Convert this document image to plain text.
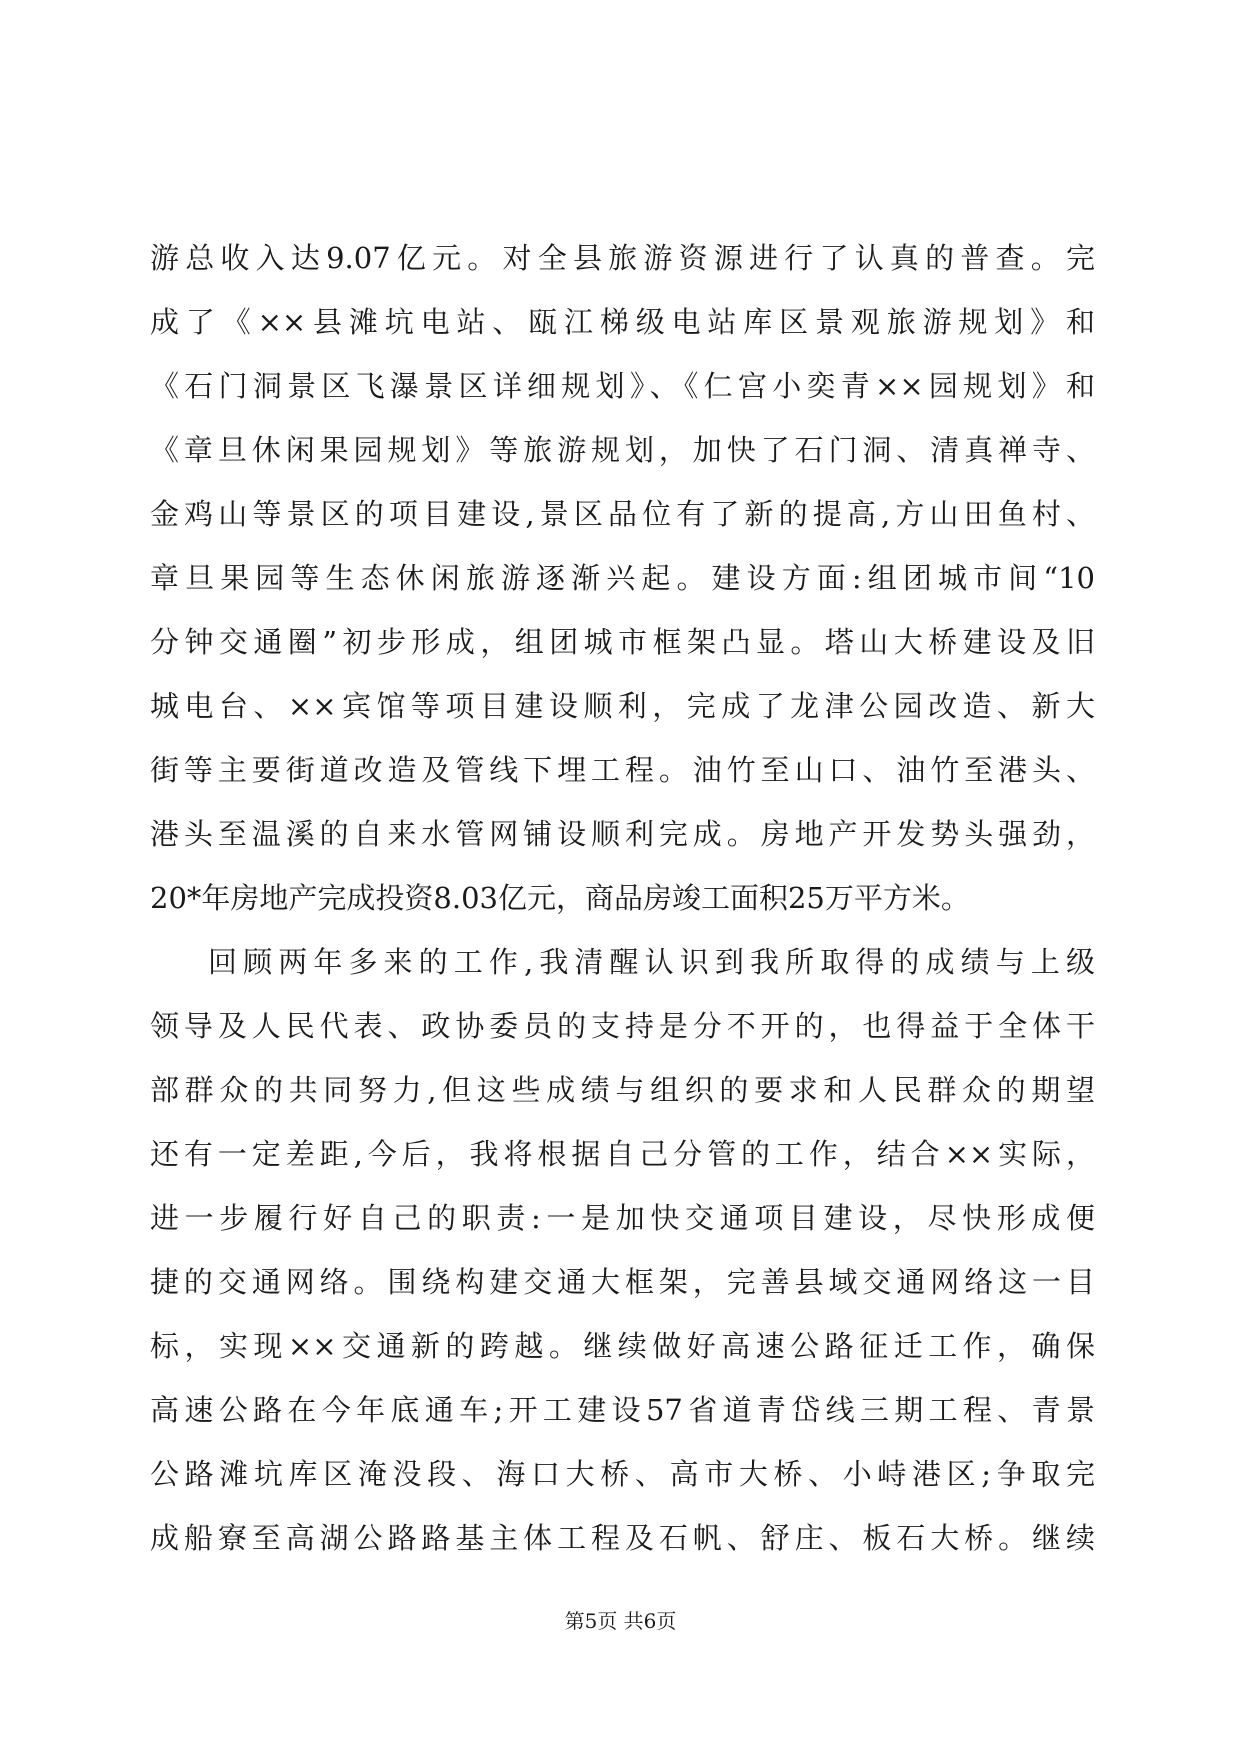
游总收入达9.07亿元。对全县旅游资源进行了认真的普查。完
成了《××县滩坑电站、瓯江梯级电站库区景观旅游规划》和
《石门洞景区飞瀑景区详细规划》、《仁宫小奕青××园规划》和
《章旦休闲果园规划》等旅游规划，加快了石门洞、清真禅寺、
金鸡山等景区的项目建设,景区品位有了新的提高,方山田鱼村、
章旦果园等生态休闲旅游逐渐兴起。建设方面:组团城市间“10
分钟交通圈”初步形成，组团城市框架凸显。塔山大桥建设及旧
城电台、××宾馆等项目建设顺利，完成了龙津公园改造、新大
街等主要街道改造及管线下埋工程。油竹至山口、油竹至港头、
港头至温溪的自来水管网铺设顺利完成。房地产开发势头强劲，
20*年房地产完成投资8.03亿元，商品房竣工面积25万平方米。
回顾两年多来的工作,我清醒认识到我所取得的成绩与上级
领导及人民代表、政协委员的支持是分不开的，也得益于全体干
部群众的共同努力,但这些成绩与组织的要求和人民群众的期望
还有一定差距,今后，我将根据自己分管的工作，结合××实际，
进一步履行好自己的职责:一是加快交通项目建设，尽快形成便
捷的交通网络。围绕构建交通大框架，完善县域交通网络这一目
标，实现××交通新的跨越。继续做好高速公路征迁工作，确保
高速公路在今年底通车;开工建设57省道青岱线三期工程、青景
公路滩坑库区淹没段、海口大桥、高市大桥、小峙港区;争取完
成船寮至高湖公路路基主体工程及石帆、舒庄、板石大桥。继续
第5页 共6页
